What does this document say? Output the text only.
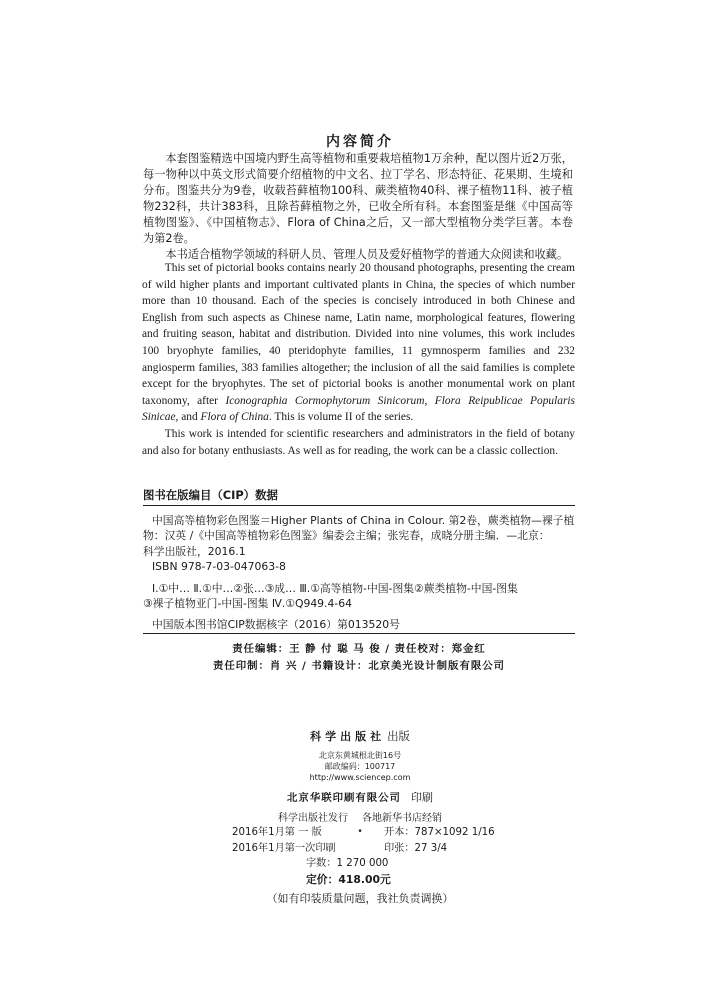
内容简介

本套图鉴精选中国境内野生高等植物和重要栽培植物1万余种，配以图片近2万张，每一物种以中英文形式简要介绍植物的中文名、拉丁学名、形态特征、花果期、生境和分布。图鉴共分为9卷，收载苔藓植物100科、蕨类植物40科、裸子植物11科、被子植物232科，共计383科，且除苔藓植物之外，已收全所有科。本套图鉴是继《中国高等植物图鉴》、《中国植物志》、Flora of China之后，又一部大型植物分类学巨著。本卷为第2卷。

本书适合植物学领域的科研人员、管理人员及爱好植物学的普通大众阅读和收藏。

This set of pictorial books contains nearly 20 thousand photographs, presenting the cream of wild higher plants and important cultivated plants in China, the species of which number more than 10 thousand. Each of the species is concisely introduced in both Chinese and English from such aspects as Chinese name, Latin name, morphological features, flowering and fruiting season, habitat and distribution. Divided into nine volumes, this work includes 100 bryophyte families, 40 pteridophyte families, 11 gymnosperm families and 232 angiosperm families, 383 families altogether; the inclusion of all the said families is complete except for the bryophytes. The set of pictorial books is another monumental work on plant taxonomy, after Iconographia Cormophytorum Sinicorum, Flora Reipublicae Popularis Sinicae, and Flora of China. This is volume II of the series.

This work is intended for scientific researchers and administrators in the field of botany and also for botany enthusiasts. As well as for reading, the work can be a classic collection.

图书在版编目（CIP）数据
中国高等植物彩色图鉴＝Higher Plants of China in Colour. 第2卷，蕨类植物—裸子植
物：汉英 /《中国高等植物彩色图鉴》编委会主编；张宪春，成晓分册主编．—北京：
科学出版社，2016.1
ISBN 978-7-03-047063-8
Ⅰ.①中… Ⅱ.①中…②张…③成… Ⅲ.①高等植物-中国-图集②蕨类植物-中国-图集
③裸子植物亚门-中国-图集 Ⅳ.①Q949.4-64
中国版本图书馆CIP数据核字（2016）第013520号
责任编辑：王 静 付 聪 马 俊 / 责任校对：郑金红
责任印制：肖 兴 / 书籍设计：北京美光设计制版有限公司
科学出版社 出版
北京东黄城根北街16号
邮政编码：100717
http://www.sciencep.com
北京华联印刷有限公司 印刷
科学出版社发行 各地新华书店经销
•
2016年1月第 一 版	开本：787×1092 1/16
2016年1月第一次印刷	印张：27 3/4
字数：1 270 000
定价：418.00元
（如有印装质量问题，我社负责调换）
